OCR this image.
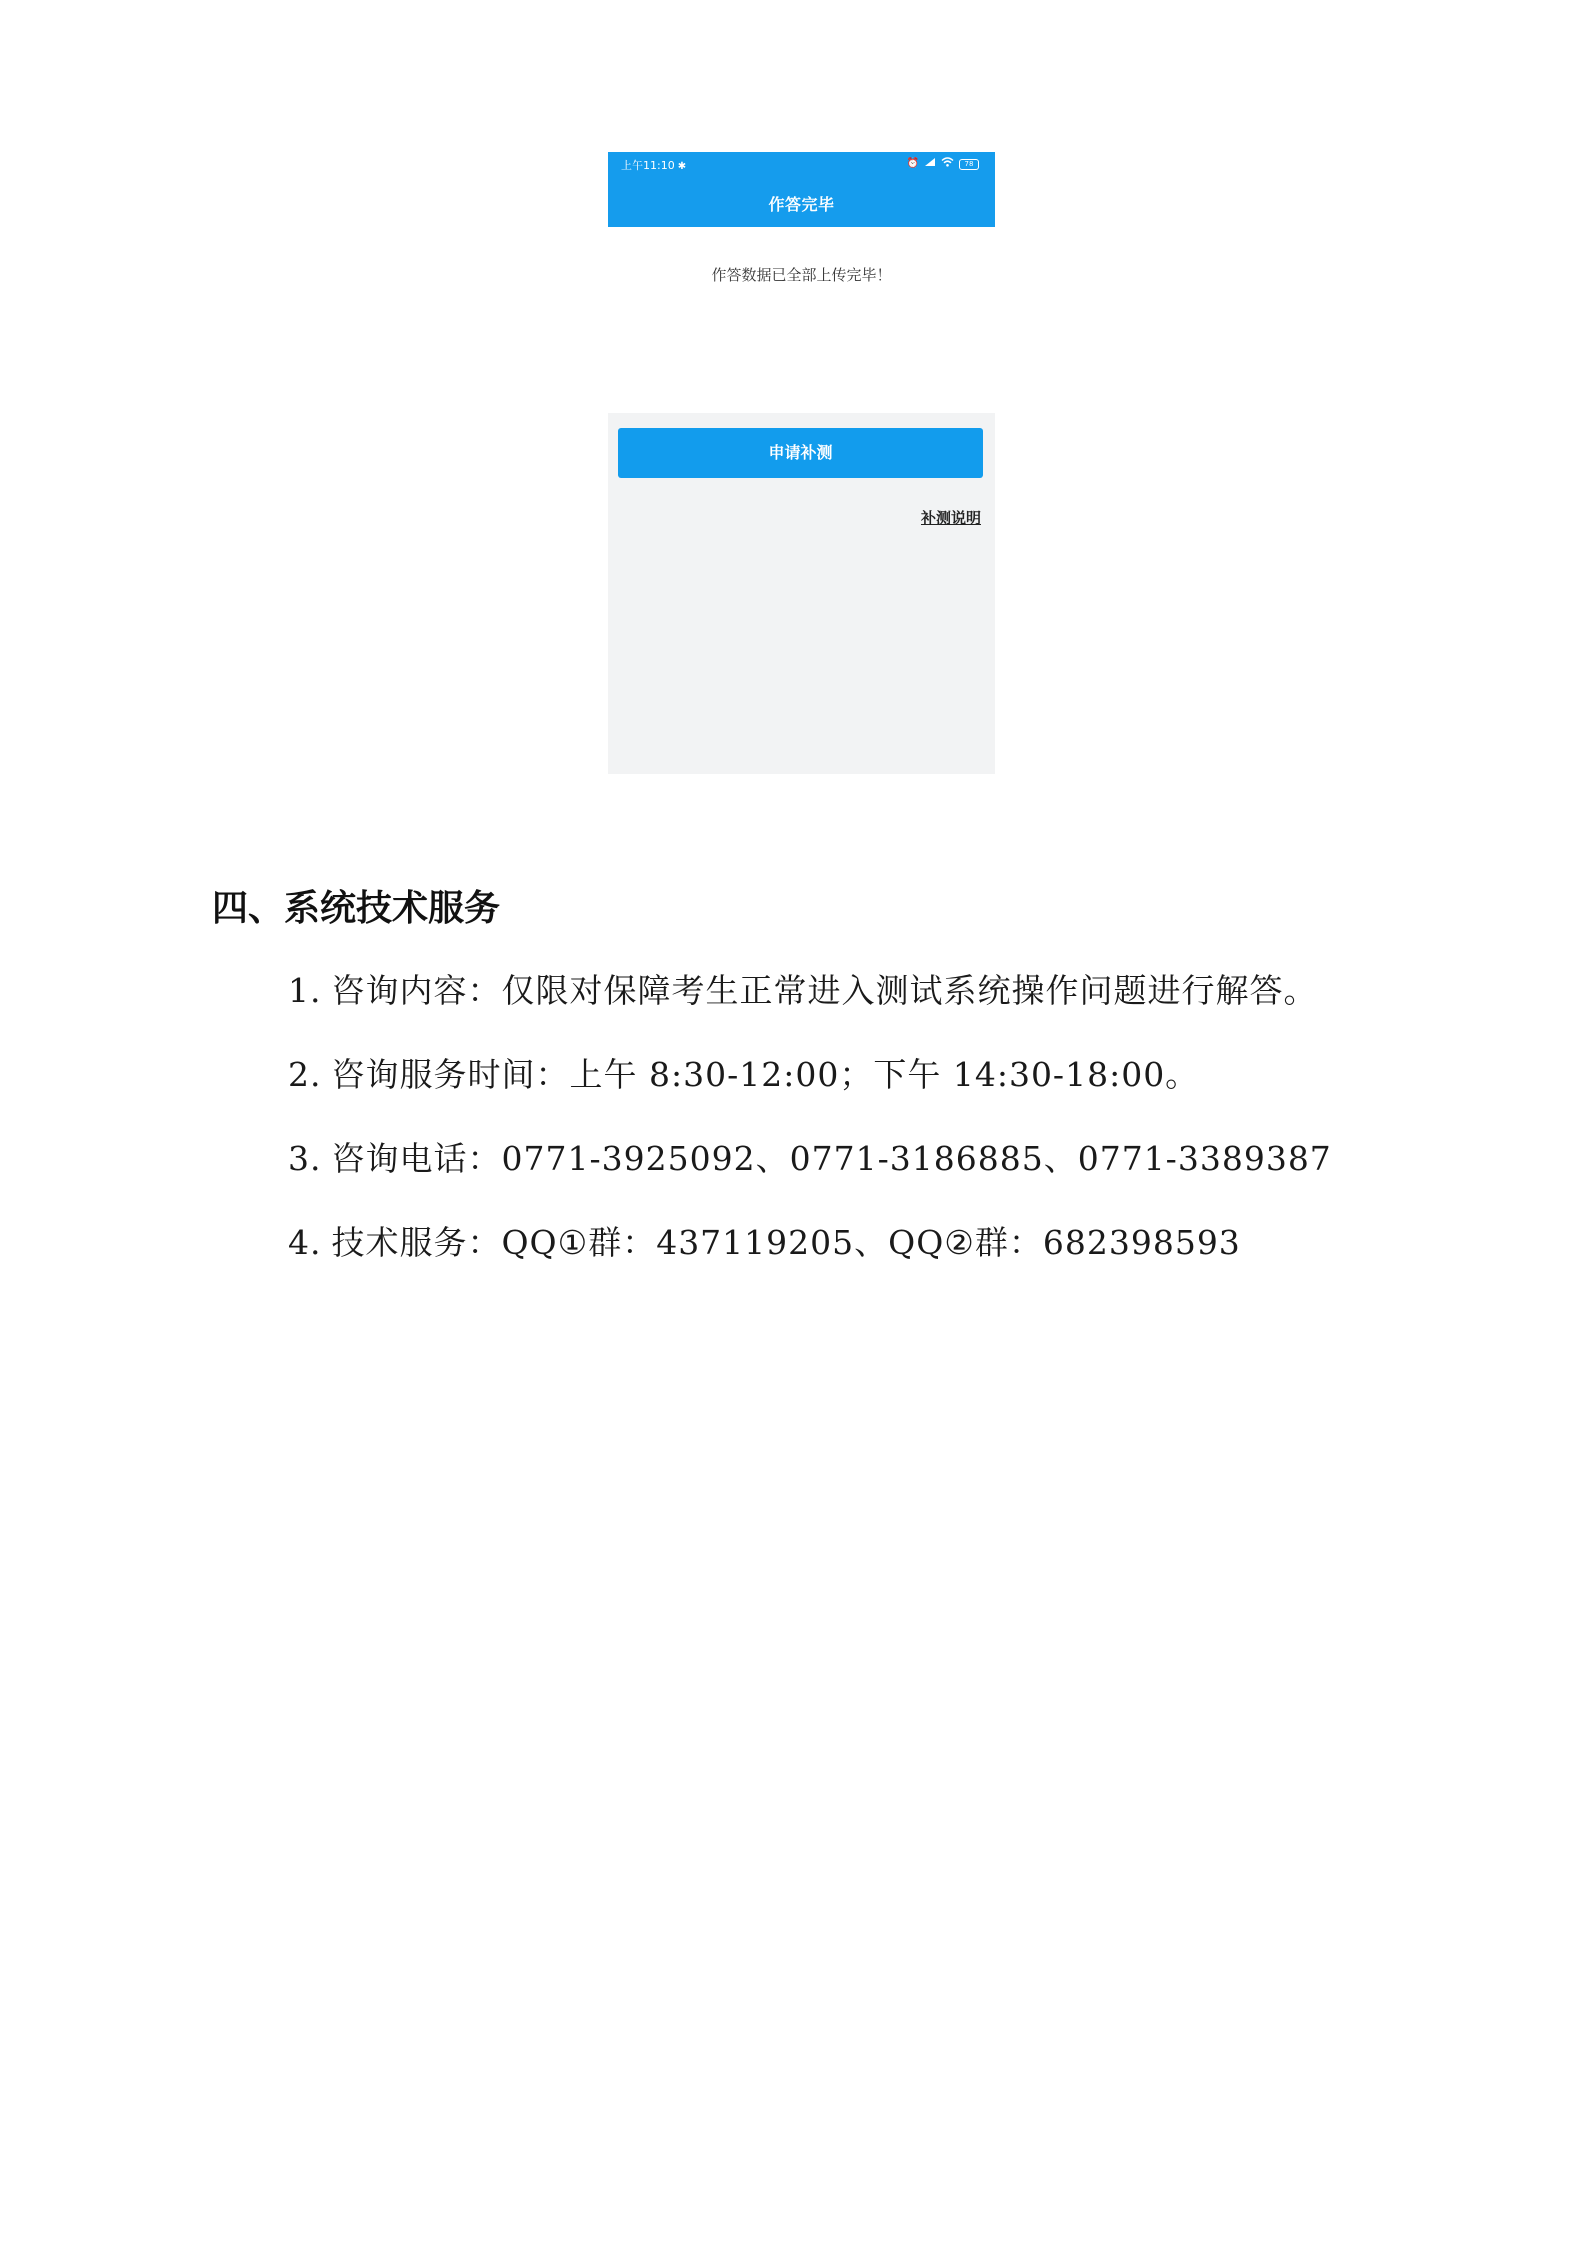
上午11:10 ✱	⏰	78
作答完毕
作答数据已全部上传完毕！
申请补测
补测说明
四、系统技术服务
1. 咨询内容：仅限对保障考生正常进入测试系统操作问题进行解答。
2. 咨询服务时间：上午 8:30-12:00；下午 14:30-18:00。
3. 咨询电话：0771-3925092、0771-3186885、0771-3389387
4. 技术服务：QQ①群：437119205、QQ②群：682398593
